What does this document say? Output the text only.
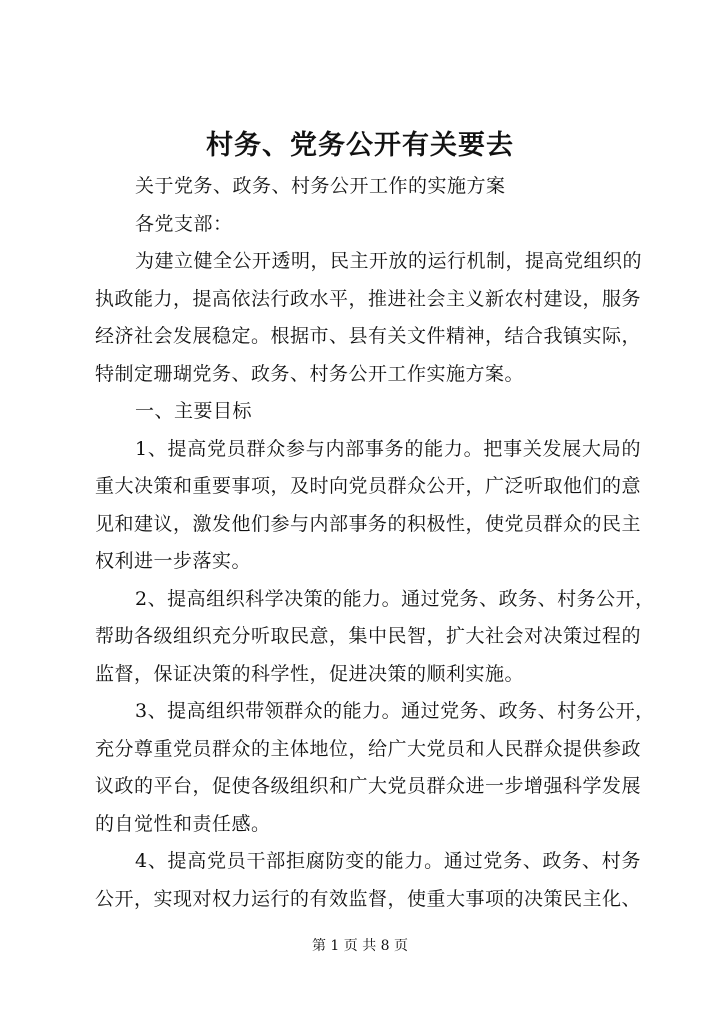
村务、党务公开有关要去
关于党务、政务、村务公开工作的实施方案
各党支部：
为建立健全公开透明，民主开放的运行机制，提高党组织的
执政能力，提高依法行政水平，推进社会主义新农村建设，服务
经济社会发展稳定。根据市、县有关文件精神，结合我镇实际，
特制定珊瑚党务、政务、村务公开工作实施方案。
一、主要目标
1、提高党员群众参与内部事务的能力。把事关发展大局的
重大决策和重要事项，及时向党员群众公开，广泛听取他们的意
见和建议，激发他们参与内部事务的积极性，使党员群众的民主
权利进一步落实。
2、提高组织科学决策的能力。通过党务、政务、村务公开，
帮助各级组织充分听取民意，集中民智，扩大社会对决策过程的
监督，保证决策的科学性，促进决策的顺利实施。
3、提高组织带领群众的能力。通过党务、政务、村务公开，
充分尊重党员群众的主体地位，给广大党员和人民群众提供参政
议政的平台，促使各级组织和广大党员群众进一步增强科学发展
的自觉性和责任感。
4、提高党员干部拒腐防变的能力。通过党务、政务、村务
公开，实现对权力运行的有效监督，使重大事项的决策民主化、
第 1 页 共 8 页
